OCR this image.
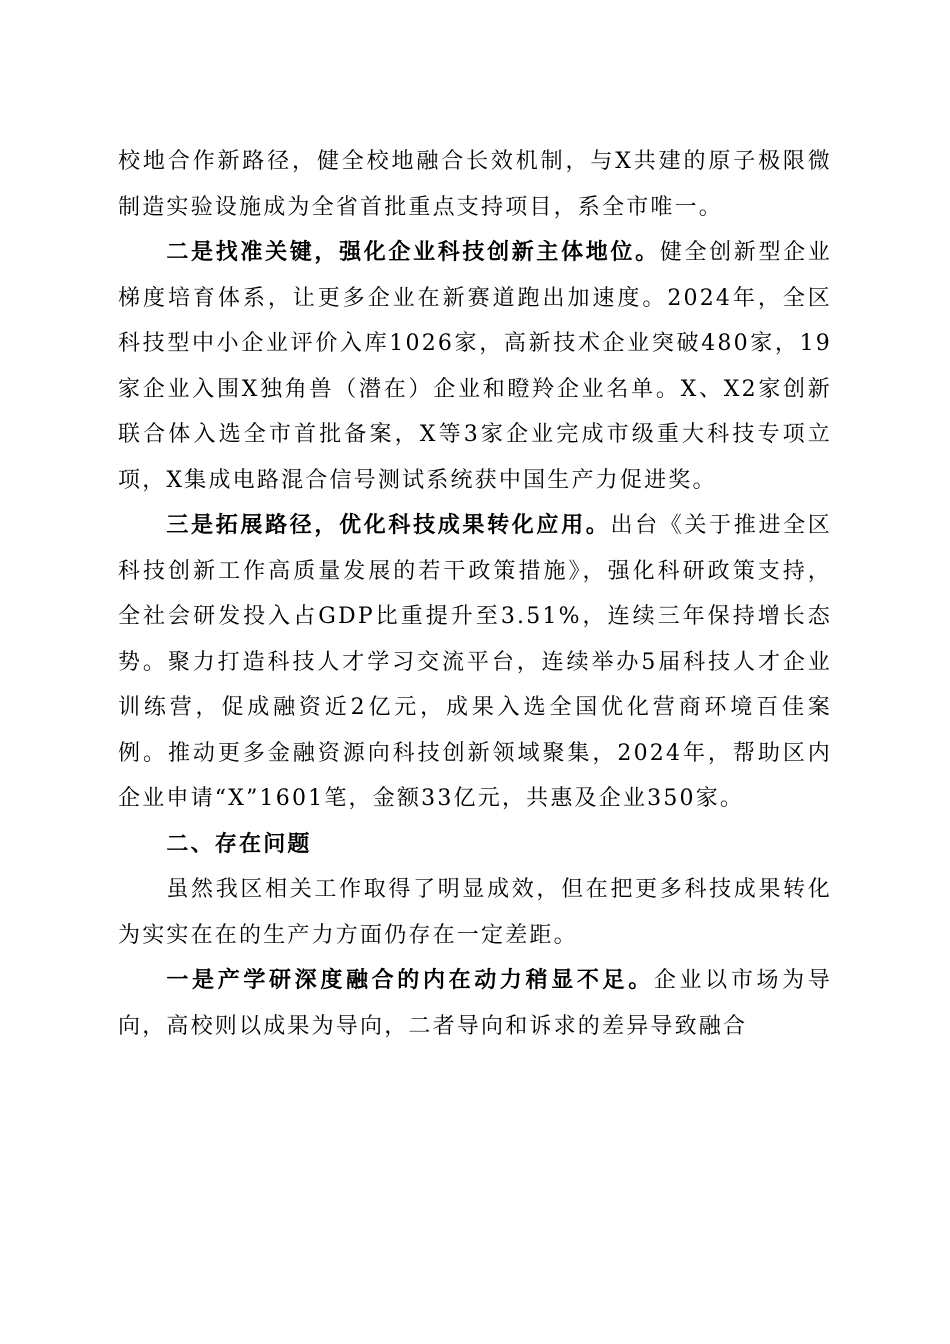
校地合作新路径，健全校地融合长效机制，与X共建的原子极限微制造实验设施成为全省首批重点支持项目，系全市唯一。

二是找准关键，强化企业科技创新主体地位。健全创新型企业梯度培育体系，让更多企业在新赛道跑出加速度。2024年，全区科技型中小企业评价入库1026家，高新技术企业突破480家，19家企业入围X独角兽（潜在）企业和瞪羚企业名单。X、X2家创新联合体入选全市首批备案，X等3家企业完成市级重大科技专项立项，X集成电路混合信号测试系统获中国生产力促进奖。

三是拓展路径，优化科技成果转化应用。出台《关于推进全区科技创新工作高质量发展的若干政策措施》，强化科研政策支持，全社会研发投入占GDP比重提升至3.51%，连续三年保持增长态势。聚力打造科技人才学习交流平台，连续举办5届科技人才企业训练营，促成融资近2亿元，成果入选全国优化营商环境百佳案例。推动更多金融资源向科技创新领域聚集，2024年，帮助区内企业申请“X”1601笔，金额33亿元，共惠及企业350家。

二、存在问题

虽然我区相关工作取得了明显成效，但在把更多科技成果转化为实实在在的生产力方面仍存在一定差距。

一是产学研深度融合的内在动力稍显不足。企业以市场为导向，高校则以成果为导向，二者导向和诉求的差异导致融合
